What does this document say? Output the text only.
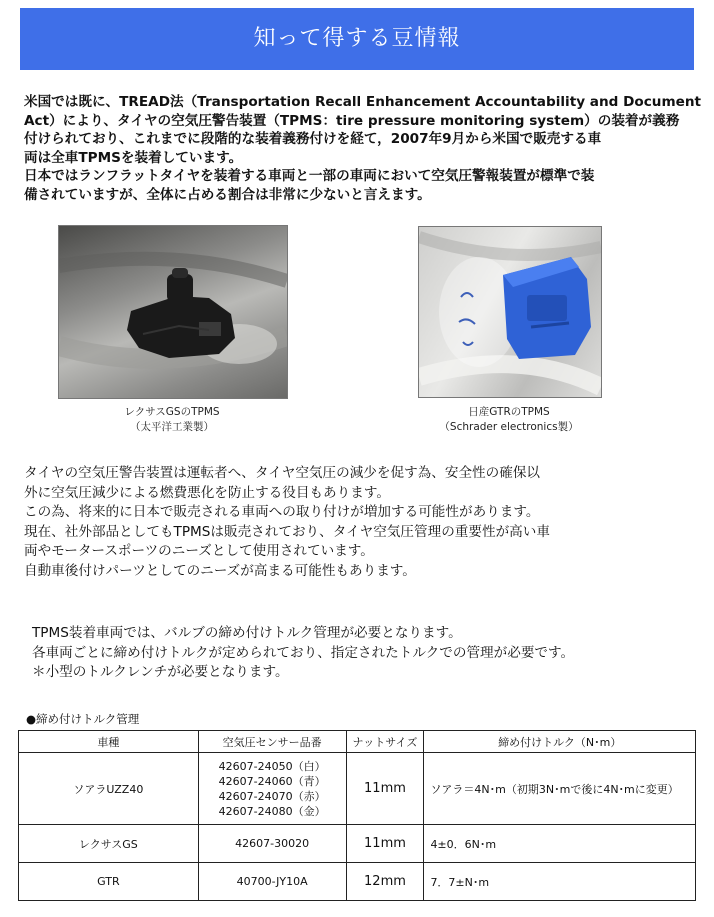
知って得する豆情報
米国では既に、TREAD法（Transportation Recall Enhancement Accountability and Document
Act）により、タイヤの空気圧警告装置（TPMS：tire pressure monitoring system）の装着が義務
付けられており、これまでに段階的な装着義務付けを経て，2007年9月から米国で販売する車
両は全車TPMSを装着しています。
日本ではランフラットタイヤを装着する車両と一部の車両において空気圧警報装置が標準で装
備されていますが、全体に占める割合は非常に少ないと言えます。
レクサスGSのTPMS
（太平洋工業製）
日産GTRのTPMS
（Schrader electronics製）
タイヤの空気圧警告装置は運転者へ、タイヤ空気圧の減少を促す為、安全性の確保以
外に空気圧減少による燃費悪化を防止する役目もあります。
この為、将来的に日本で販売される車両への取り付けが増加する可能性があります。
現在、社外部品としてもTPMSは販売されており、タイヤ空気圧管理の重要性が高い車
両やモータースポーツのニーズとして使用されています。
自動車後付けパーツとしてのニーズが高まる可能性もあります。
TPMS装着車両では、バルブの締め付けトルク管理が必要となります。
各車両ごとに締め付けトルクが定められており、指定されたトルクでの管理が必要です。
＊小型のトルクレンチが必要となります。
●締め付けトルク管理
車種	空気圧センサー品番	ナットサイズ	締め付けトルク（N･m）
ソアラUZZ40	42607-24050（白）
42607-24060（青）
42607-24070（赤）
42607-24080（金）	11mm	ソアラ＝4N･m（初期3N･mで後に4N･mに変更）
レクサスGS	42607-30020	11mm	4±0．6N･m
GTR	40700-JY10A	12mm	7．7±N･m
